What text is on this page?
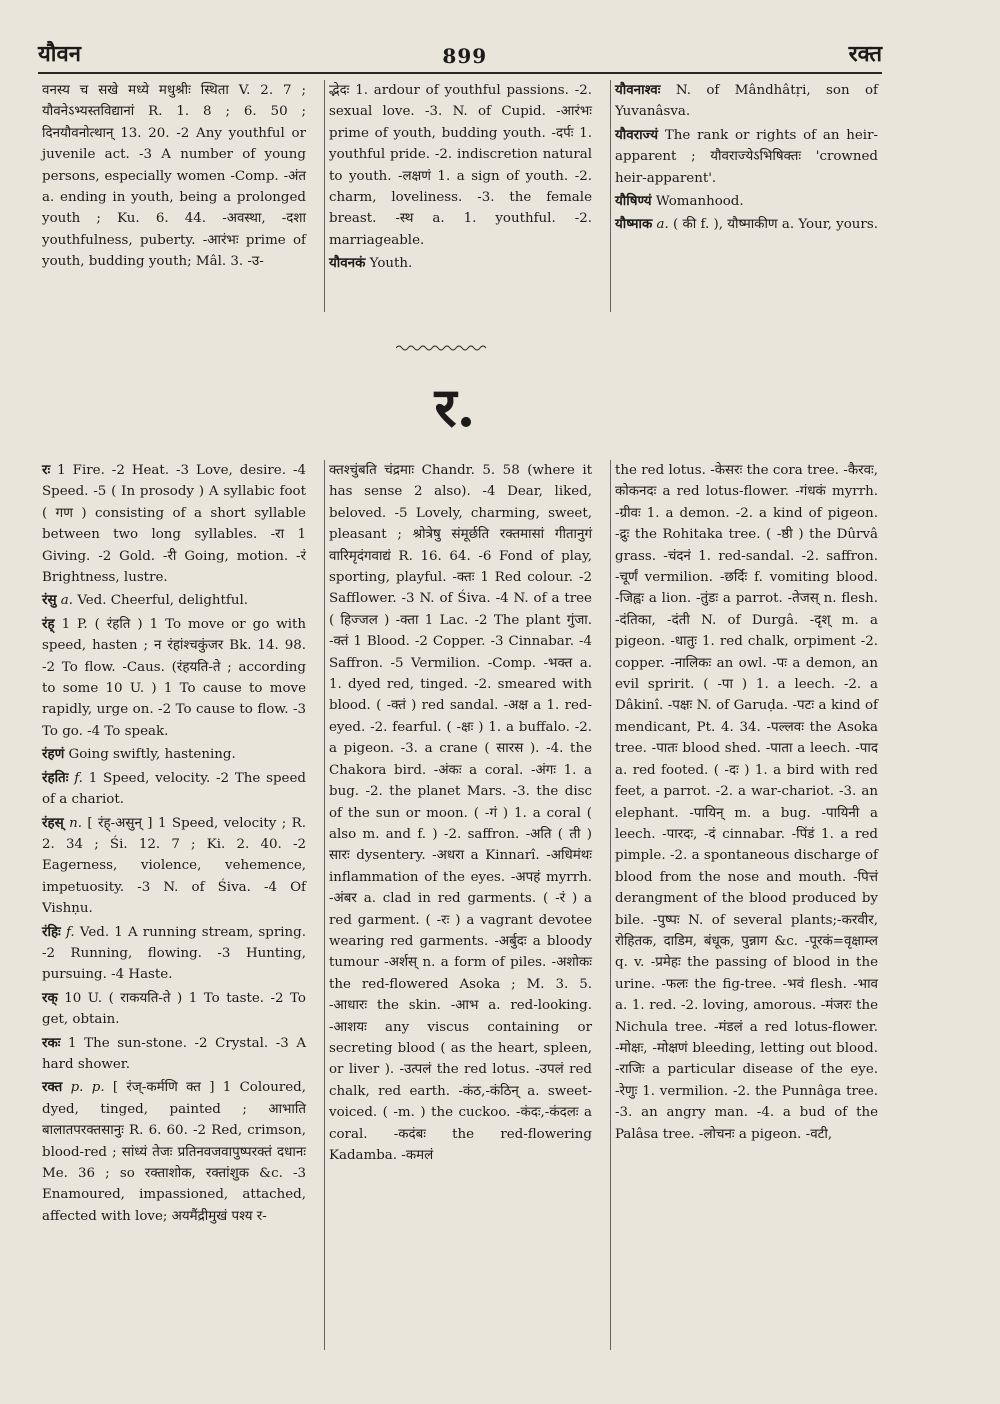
यौवन	899	रक्त
वनस्य च सखे मध्ये मधुश्रीः स्थिता V. 2. 7 ; यौवनेऽभ्यस्तविद्यानां R. 1. 8 ; 6. 50 ; दिनयौवनोत्थान् 13. 20. -2 Any youthful or juvenile act. -3 A number of young persons, especially women -Comp. -अंत a. ending in youth, being a prolonged youth ; Ku. 6. 44. -अवस्था, -दशा youthfulness, puberty. -आरंभः prime of youth, budding youth; Mâl. 3. -उ-
द्भेदः 1. ardour of youthful passions. -2. sexual love. -3. N. of Cupid. -आरंभः prime of youth, budding youth. -दर्पः 1. youthful pride. -2. indiscretion natural to youth. -लक्षणं 1. a sign of youth. -2. charm, loveliness. -3. the female breast. -स्थ a. 1. youthful. -2. marriageable.
यौवनकं Youth.
यौवनाश्वः N. of Mândhâtṛi, son of Yuvanâsva.
यौवराज्यं The rank or rights of an heir-apparent ; यौवराज्येऽभिषिक्तः 'crowned heir-apparent'.
यौषिण्यं Womanhood.
यौष्माक a. ( की f. ), यौष्माकीण a. Your, yours.
र.
रः 1 Fire. -2 Heat. -3 Love, desire. -4 Speed. -5 ( In prosody ) A syllabic foot ( गण ) consisting of a short syllable between two long syllables. -रा 1 Giving. -2 Gold. -री Going, motion. -रं Brightness, lustre.
रंसु a. Ved. Cheerful, delightful.
रंह् 1 P. ( रंहति ) 1 To move or go with speed, hasten ; न रंहांश्चकुंजर Bk. 14. 98. -2 To flow. -Caus. (रंहयति-ते ; according to some 10 U. ) 1 To cause to move rapidly, urge on. -2 To cause to flow. -3 To go. -4 To speak.
रंहणं Going swiftly, hastening.
रंहतिः f. 1 Speed, velocity. -2 The speed of a chariot.
रंहस् n. [ रंह्-असुन् ] 1 Speed, velocity ; R. 2. 34 ; Śi. 12. 7 ; Ki. 2. 40. -2 Eagerness, violence, vehemence, impetuosity. -3 N. of Śiva. -4 Of Vishṇu.
रंहिः f. Ved. 1 A running stream, spring. -2 Running, flowing. -3 Hunting, pursuing. -4 Haste.
रक् 10 U. ( राकयति-ते ) 1 To taste. -2 To get, obtain.
रकः 1 The sun-stone. -2 Crystal. -3 A hard shower.
रक्त p. p. [ रंज्-कर्मणि क्त ] 1 Coloured, dyed, tinged, painted ; आभाति बालातपरक्तसानुः R. 6. 60. -2 Red, crimson, blood-red ; सांध्यं तेजः प्रतिनवजवापुष्परक्तं दधानः Me. 36 ; so रक्ताशोक, रक्तांशुक &c. -3 Enamoured, impassioned, attached, affected with love; अयमैंद्रीमुखं पश्य र-
क्तश्चुंबति चंद्रमाः Chandr. 5. 58 (where it has sense 2 also). -4 Dear, liked, beloved. -5 Lovely, charming, sweet, pleasant ; श्रोत्रेषु संमूर्छति रक्तमासां गीतानुगं वारिमृदंगवाद्यं R. 16. 64. -6 Fond of play, sporting, playful. -क्तः 1 Red colour. -2 Safflower. -3 N. of Śiva. -4 N. of a tree ( हिज्जल ) -क्ता 1 Lac. -2 The plant गुंजा. -क्तं 1 Blood. -2 Copper. -3 Cinnabar. -4 Saffron. -5 Vermilion. -Comp. -भक्त a. 1. dyed red, tinged. -2. smeared with blood. ( -क्तं ) red sandal. -अक्ष a 1. red-eyed. -2. fearful. ( -क्षः ) 1. a buffalo. -2. a pigeon. -3. a crane ( सारस ). -4. the Chakora bird. -अंकः a coral. -अंगः 1. a bug. -2. the planet Mars. -3. the disc of the sun or moon. ( -गं ) 1. a coral ( also m. and f. ) -2. saffron. -अति ( ती ) सारः dysentery. -अधरा a Kinnarî. -अधिमंथः inflammation of the eyes. -अपहं myrrh. -अंबर a. clad in red garments. ( -रं ) a red garment. ( -रः ) a vagrant devotee wearing red garments. -अर्बुदः a bloody tumour -अर्शस् n. a form of piles. -अशोकः the red-flowered Asoka ; M. 3. 5. -आधारः the skin. -आभ a. red-looking. -आशयः any viscus containing or secreting blood ( as the heart, spleen, or liver ). -उत्पलं the red lotus. -उपलं red chalk, red earth. -कंठ,-कंठिन् a. sweet-voiced. ( -m. ) the cuckoo. -कंदः,-कंदलः a coral. -कदंबः the red-flowering Kadamba. -कमलं
the red lotus. -केसरः the cora tree. -कैरवः, कोकनदः a red lotus-flower. -गंधकं myrrh. -ग्रीवः 1. a demon. -2. a kind of pigeon. -द्रुः the Rohitaka tree. ( -ष्ठी ) the Dûrvâ grass. -चंदनं 1. red-sandal. -2. saffron. -चूर्णं vermilion. -छर्दिः f. vomiting blood. -जिह्वः a lion. -तुंडः a parrot. -तेजस् n. flesh. -दंतिका, -दंती N. of Durgâ. -दृश् m. a pigeon. -धातुः 1. red chalk, orpiment -2. copper. -नालिकः an owl. -पः a demon, an evil spririt. ( -पा ) 1. a leech. -2. a Dâkinî. -पक्षः N. of Garuḍa. -पटः a kind of mendicant, Pt. 4. 34. -पल्लवः the Asoka tree. -पातः blood shed. -पाता a leech. -पाद a. red footed. ( -दः ) 1. a bird with red feet, a parrot. -2. a war-chariot. -3. an elephant. -पायिन् m. a bug. -पायिनी a leech. -पारदः, -दं cinnabar. -पिंडं 1. a red pimple. -2. a spontaneous discharge of blood from the nose and mouth. -पित्तं derangment of the blood produced by bile. -पुष्पः N. of several plants;-करवीर, रोहितक, दाडिम, बंधूक, पुन्नाग &c. -पूरकं=वृक्षाम्ल q. v. -प्रमेहः the passing of blood in the urine. -फलः the fig-tree. -भवं flesh. -भाव a. 1. red. -2. loving, amorous. -मंजरः the Nichula tree. -मंडलं a red lotus-flower. -मोक्षः, -मोक्षणं bleeding, letting out blood. -राजिः a particular disease of the eye. -रेणुः 1. vermilion. -2. the Punnâga tree. -3. an angry man. -4. a bud of the Palâsa tree. -लोचनः a pigeon. -वटी,
